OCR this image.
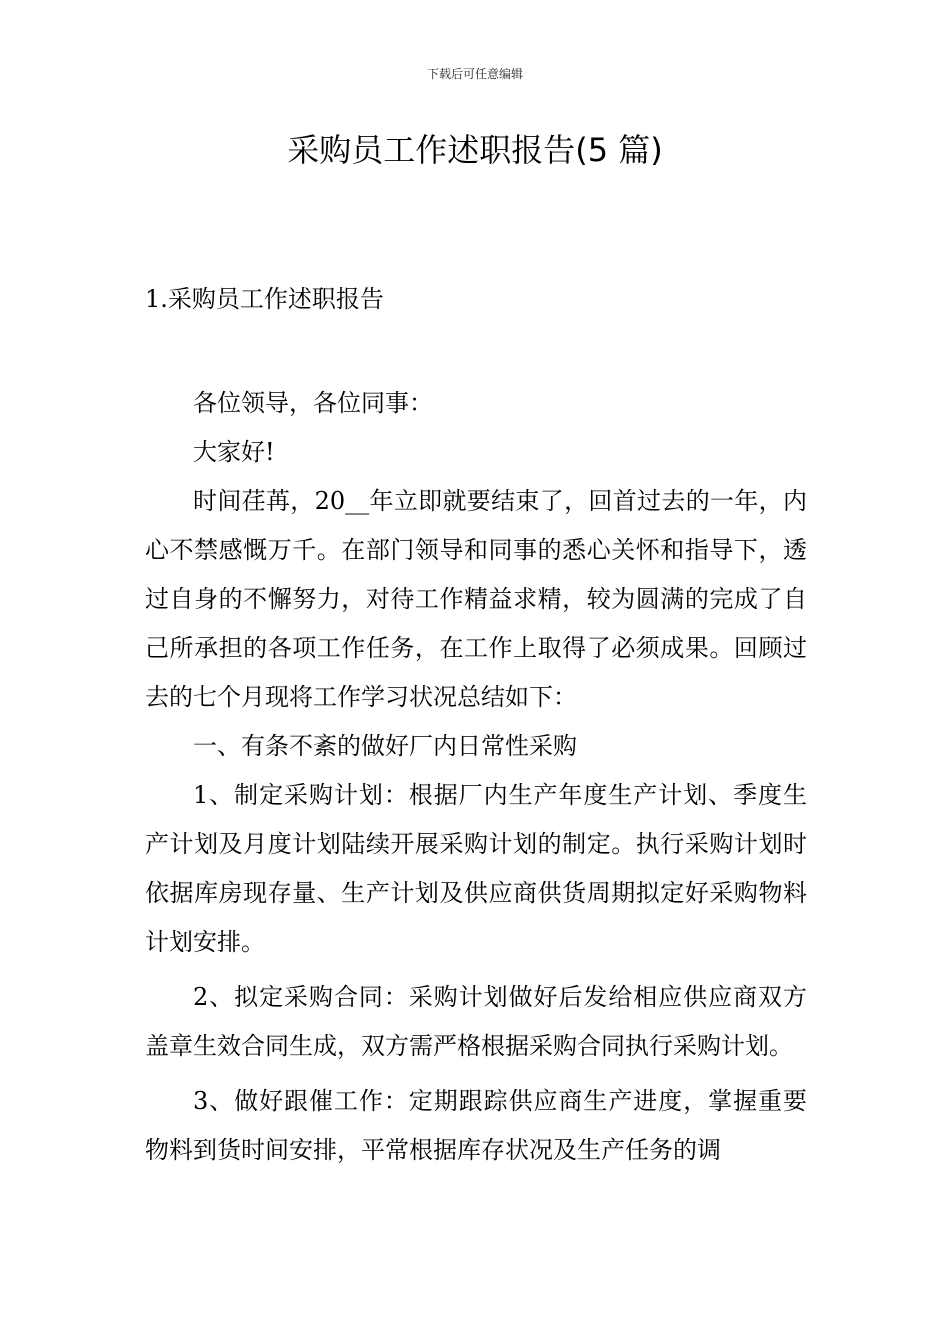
下载后可任意编辑
采购员工作述职报告(5 篇)
1.采购员工作述职报告

各位领导，各位同事：

大家好!

时间荏苒，20__年立即就要结束了，回首过去的一年，内心不禁感慨万千。在部门领导和同事的悉心关怀和指导下，透过自身的不懈努力，对待工作精益求精，较为圆满的完成了自己所承担的各项工作任务，在工作上取得了必须成果。回顾过去的七个月现将工作学习状况总结如下：

一、有条不紊的做好厂内日常性采购

1、制定采购计划：根据厂内生产年度生产计划、季度生产计划及月度计划陆续开展采购计划的制定。执行采购计划时依据库房现存量、生产计划及供应商供货周期拟定好采购物料计划安排。

2、拟定采购合同：采购计划做好后发给相应供应商双方盖章生效合同生成，双方需严格根据采购合同执行采购计划。

3、做好跟催工作：定期跟踪供应商生产进度，掌握重要物料到货时间安排，平常根据库存状况及生产任务的调
